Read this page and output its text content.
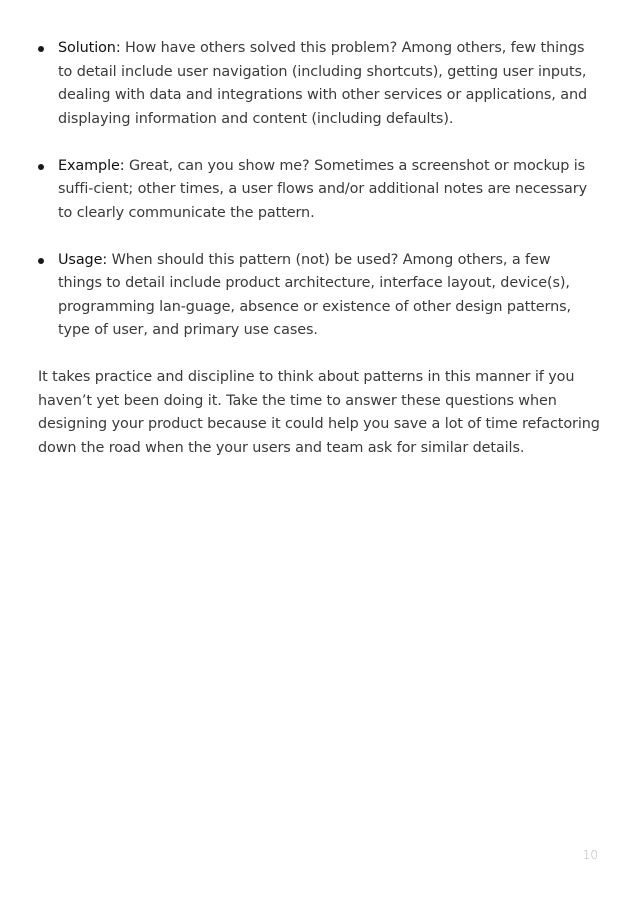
Solution: How have others solved this problem? Among others, few things to detail include user navigation (including shortcuts), getting user inputs, dealing with data and integrations with other services or applications, and displaying information and content (including defaults).
Example: Great, can you show me? Sometimes a screenshot or mockup is suffi-cient; other times, a user flows and/or additional notes are necessary to clearly communicate the pattern.
Usage: When should this pattern (not) be used? Among others, a few things to detail include product architecture, interface layout, device(s), programming lan-guage, absence or existence of other design patterns, type of user, and primary use cases.

It takes practice and discipline to think about patterns in this manner if you haven’t yet been doing it. Take the time to answer these questions when designing your product because it could help you save a lot of time refactoring down the road when the your users and team ask for similar details.

10
